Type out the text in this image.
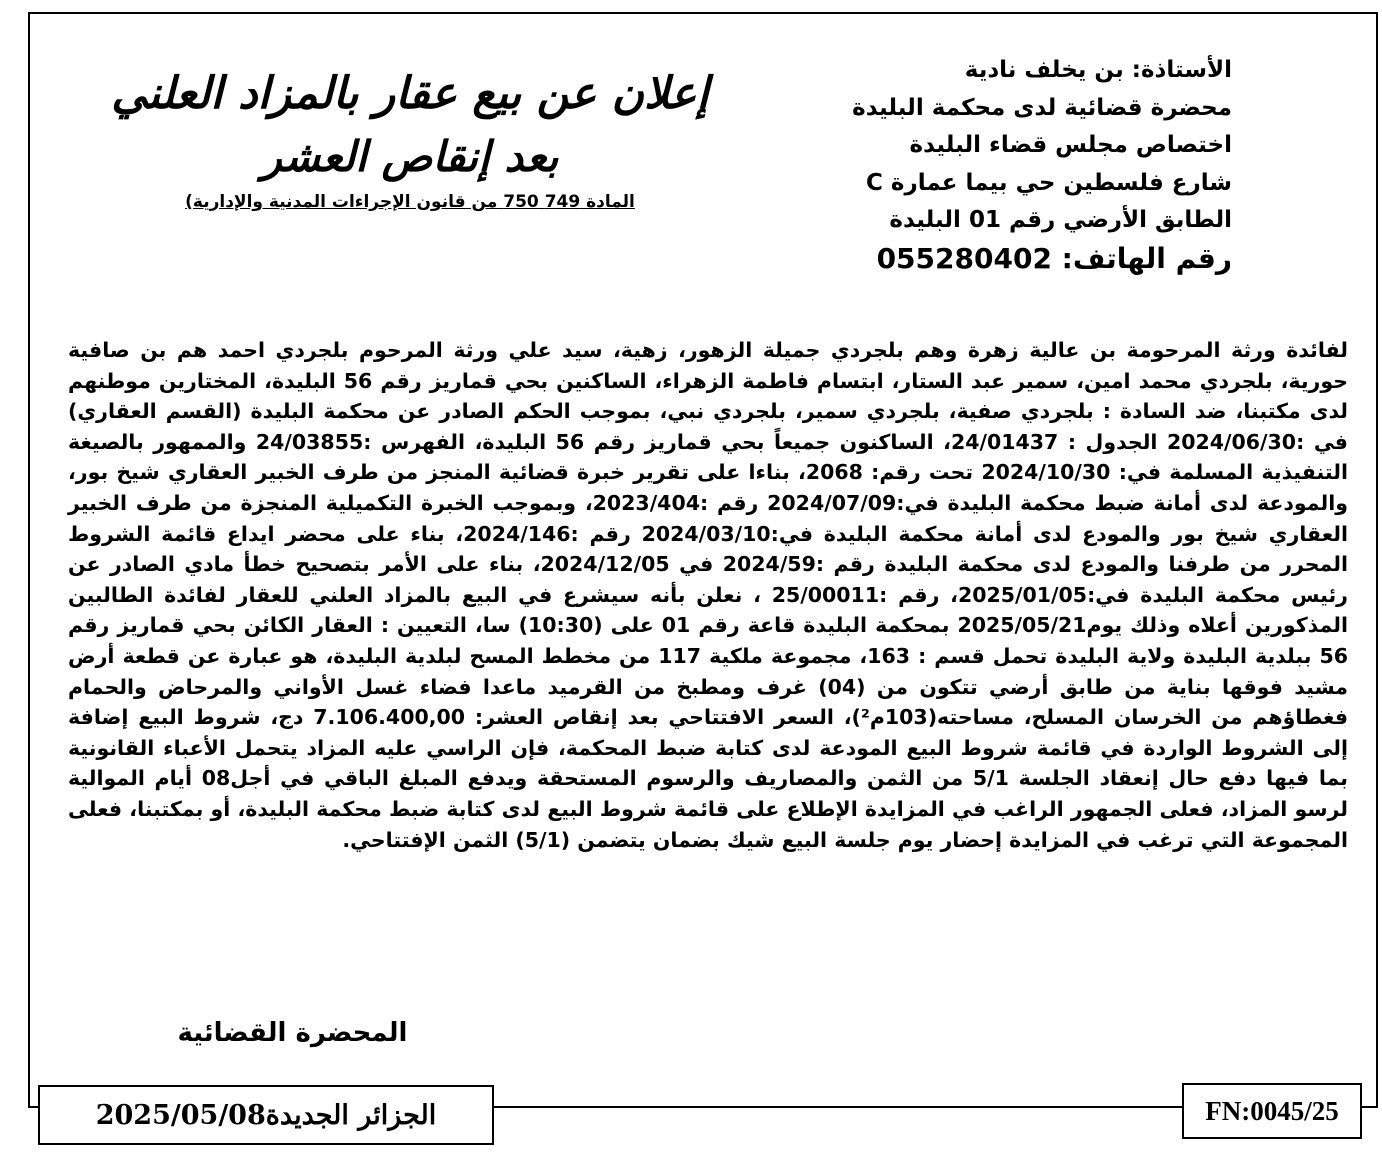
الأستاذة: بن يخلف نادية
محضرة قضائية لدى محكمة البليدة
اختصاص مجلس قضاء البليدة
شارع فلسطين حي بيما عمارة C
الطابق الأرضي رقم 01 البليدة
رقم الهاتف: 055280402
إعلان عن بيع عقار بالمزاد العلني
بعد إنقاص العشر
المادة 749 750 من قانون الإجراءات المدنية والإدارية)
لفائدة ورثة المرحومة بن عالية زهرة وهم بلجردي جميلة الزهور، زهية، سيد علي ورثة المرحوم بلجردي احمد هم بن صافية حورية، بلجردي محمد امين، سمير عبد الستار، ابتسام فاطمة الزهراء، الساكنين بحي قماريز رقم 56 البليدة، المختارين موطنهم لدى مكتبنا، ضد السادة : بلجردي صفية، بلجردي سمير، بلجردي نبي، بموجب الحكم الصادر عن محكمة البليدة (القسم العقاري) في :2024/06/30 الجدول : 24/01437، الساكنون جميعاً بحي قماريز رقم 56 البليدة، الفهرس :24/03855 والممهور بالصيغة التنفيذية المسلمة في: 2024/10/30 تحت رقم: 2068، بناءا على تقرير خبرة قضائية المنجز من طرف الخبير العقاري شيخ بور، والمودعة لدى أمانة ضبط محكمة البليدة في:2024/07/09 رقم :2023/404، وبموجب الخبرة التكميلية المنجزة من طرف الخبير العقاري شيخ بور والمودع لدى أمانة محكمة البليدة في:2024/03/10 رقم :2024/146، بناء على محضر ايداع قائمة الشروط المحرر من طرفنا والمودع لدى محكمة البليدة رقم :2024/59 في 2024/12/05، بناء على الأمر بتصحيح خطأ مادي الصادر عن رئيس محكمة البليدة في:2025/01/05، رقم :25/00011 ، نعلن بأنه سيشرع في البيع بالمزاد العلني للعقار لفائدة الطالبين المذكورين أعلاه وذلك يوم2025/05/21 بمحكمة البليدة قاعة رقم 01 على (10:30) سا، التعيين : العقار الكائن بحي قماريز رقم 56 ببلدية البليدة ولاية البليدة تحمل قسم : 163، مجموعة ملكية 117 من مخطط المسح لبلدية البليدة، هو عبارة عن قطعة أرض مشيد فوقها بناية من طابق أرضي تتكون من (04) غرف ومطبخ من القرميد ماعدا فضاء غسل الأواني والمرحاض والحمام فغطاؤهم من الخرسان المسلح، مساحته(103م²)، السعر الافتتاحي بعد إنقاص العشر: 7.106.400,00 دج، شروط البيع إضافة إلى الشروط الواردة في قائمة شروط البيع المودعة لدى كتابة ضبط المحكمة، فإن الراسي عليه المزاد يتحمل الأعباء القانونية بما فيها دفع حال إنعقاد الجلسة 5/1 من الثمن والمصاريف والرسوم المستحقة ويدفع المبلغ الباقي في أجل08 أيام الموالية لرسو المزاد، فعلى الجمهور الراغب في المزايدة الإطلاع على قائمة شروط البيع لدى كتابة ضبط محكمة البليدة، أو بمكتبنا، فعلى المجموعة التي ترغب في المزايدة إحضار يوم جلسة البيع شيك بضمان يتضمن (5/1) الثمن الإفتتاحي.
المحضرة القضائية
الجزائر الجديدة2025/05/08	FN:0045/25
